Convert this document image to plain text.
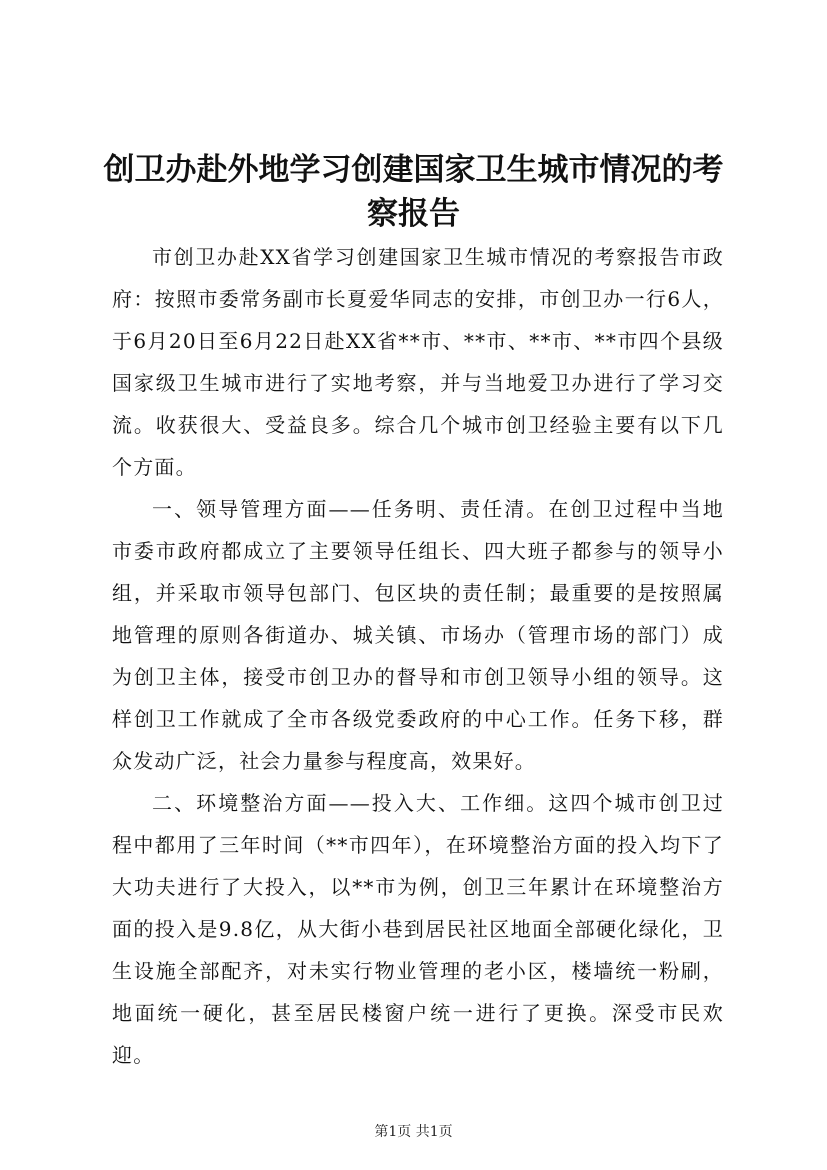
创卫办赴外地学习创建国家卫生城市情况的考察报告

市创卫办赴XX省学习创建国家卫生城市情况的考察报告市政府：按照市委常务副市长夏爱华同志的安排，市创卫办一行6人，于6月20日至6月22日赴XX省**市、**市、**市、**市四个县级国家级卫生城市进行了实地考察，并与当地爱卫办进行了学习交流。收获很大、受益良多。综合几个城市创卫经验主要有以下几个方面。

一、领导管理方面——任务明、责任清。在创卫过程中当地市委市政府都成立了主要领导任组长、四大班子都参与的领导小组，并采取市领导包部门、包区块的责任制；最重要的是按照属地管理的原则各街道办、城关镇、市场办（管理市场的部门）成为创卫主体，接受市创卫办的督导和市创卫领导小组的领导。这样创卫工作就成了全市各级党委政府的中心工作。任务下移，群众发动广泛，社会力量参与程度高，效果好。

二、环境整治方面——投入大、工作细。这四个城市创卫过程中都用了三年时间（**市四年），在环境整治方面的投入均下了大功夫进行了大投入，以**市为例，创卫三年累计在环境整治方面的投入是9.8亿，从大街小巷到居民社区地面全部硬化绿化，卫生设施全部配齐，对未实行物业管理的老小区，楼墙统一粉刷，地面统一硬化，甚至居民楼窗户统一进行了更换。深受市民欢迎。

第1页 共1页
